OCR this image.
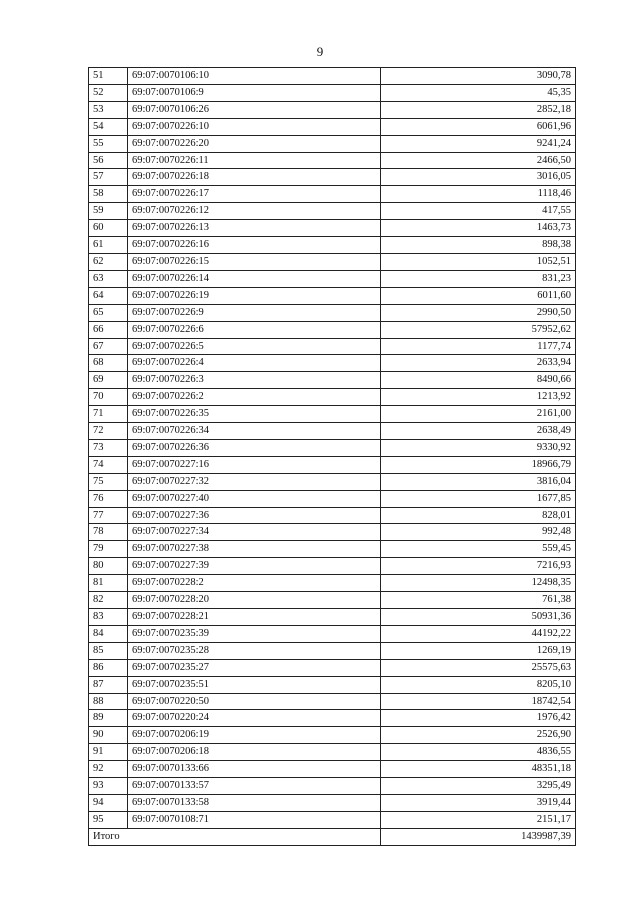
9
51	69:07:0070106:10	3090,78
52	69:07:0070106:9	45,35
53	69:07:0070106:26	2852,18
54	69:07:0070226:10	6061,96
55	69:07:0070226:20	9241,24
56	69:07:0070226:11	2466,50
57	69:07:0070226:18	3016,05
58	69:07:0070226:17	1118,46
59	69:07:0070226:12	417,55
60	69:07:0070226:13	1463,73
61	69:07:0070226:16	898,38
62	69:07:0070226:15	1052,51
63	69:07:0070226:14	831,23
64	69:07:0070226:19	6011,60
65	69:07:0070226:9	2990,50
66	69:07:0070226:6	57952,62
67	69:07:0070226:5	1177,74
68	69:07:0070226:4	2633,94
69	69:07:0070226:3	8490,66
70	69:07:0070226:2	1213,92
71	69:07:0070226:35	2161,00
72	69:07:0070226:34	2638,49
73	69:07:0070226:36	9330,92
74	69:07:0070227:16	18966,79
75	69:07:0070227:32	3816,04
76	69:07:0070227:40	1677,85
77	69:07:0070227:36	828,01
78	69:07:0070227:34	992,48
79	69:07:0070227:38	559,45
80	69:07:0070227:39	7216,93
81	69:07:0070228:2	12498,35
82	69:07:0070228:20	761,38
83	69:07:0070228:21	50931,36
84	69:07:0070235:39	44192,22
85	69:07:0070235:28	1269,19
86	69:07:0070235:27	25575,63
87	69:07:0070235:51	8205,10
88	69:07:0070220:50	18742,54
89	69:07:0070220:24	1976,42
90	69:07:0070206:19	2526,90
91	69:07:0070206:18	4836,55
92	69:07:0070133:66	48351,18
93	69:07:0070133:57	3295,49
94	69:07:0070133:58	3919,44
95	69:07:0070108:71	2151,17
Итого		1439987,39
